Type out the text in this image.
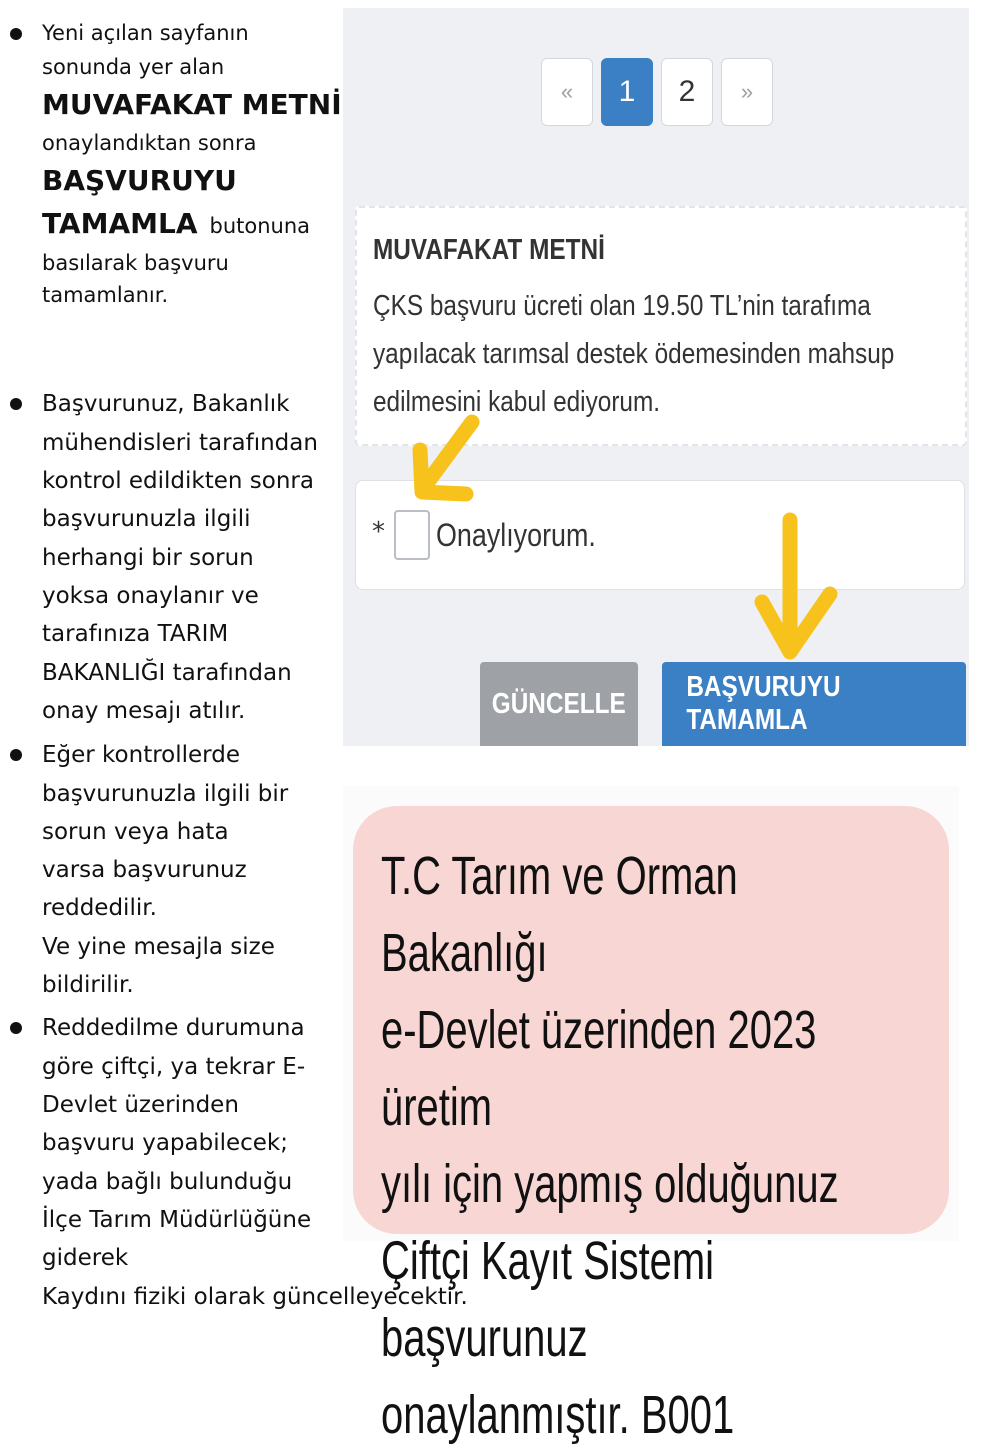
Yeni açılan sayfanın
sonunda yer alan
MUVAFAKAT METNİ
onaylandıktan sonra
BAŞVURUYU
TAMAMLA butonuna
basılarak başvuru
tamamlanır.
Başvurunuz, Bakanlık
mühendisleri tarafından
kontrol edildikten sonra
başvurunuzla ilgili
herhangi bir sorun
yoksa onaylanır ve
tarafınıza TARIM
BAKANLIĞI tarafından
onay mesajı atılır.
Eğer kontrollerde
başvurunuzla ilgili bir
sorun veya hata
varsa başvurunuz
reddedilir.
Ve yine mesajla size
bildirilir.
Reddedilme durumuna
göre çiftçi, ya tekrar E-
Devlet üzerinden
başvuru yapabilecek;
yada bağlı bulunduğu
İlçe Tarım Müdürlüğüne
giderek
Kaydını fiziki olarak güncelleyecektir.
«	1	2	»
MUVAFAKAT METNİ
ÇKS başvuru ücreti olan 19.50 TL’nin tarafıma yapılacak tarımsal destek ödemesinden mahsup edilmesini kabul ediyorum.
* Onaylıyorum.
GÜNCELLE
BAŞVURUYU TAMAMLA
T.C Tarım ve Orman Bakanlığı
e-Devlet üzerinden 2023 üretim
yılı için yapmış olduğunuz
Çiftçi Kayıt Sistemi başvurunuz
onaylanmıştır. B001
